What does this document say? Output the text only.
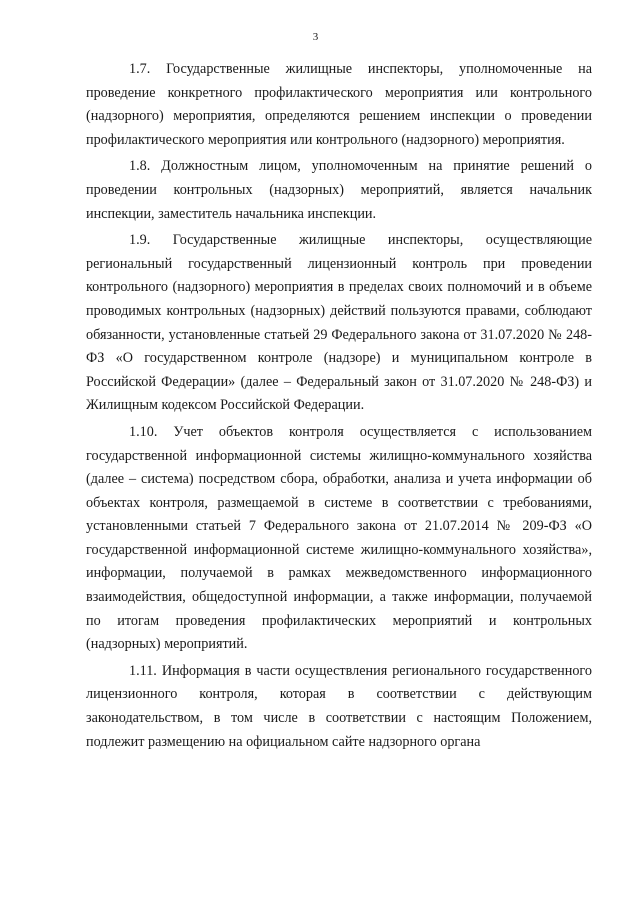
3

1.7. Государственные жилищные инспекторы, уполномоченные на проведение конкретного профилактического мероприятия или контрольного (надзорного) мероприятия, определяются решением инспекции о проведении профилактического мероприятия или контрольного (надзорного) мероприятия.

1.8. Должностным лицом, уполномоченным на принятие решений о проведении контрольных (надзорных) мероприятий, является начальник инспекции, заместитель начальника инспекции.

1.9. Государственные жилищные инспекторы, осуществляющие региональный государственный лицензионный контроль при проведении контрольного (надзорного) мероприятия в пределах своих полномочий и в объеме проводимых контрольных (надзорных) действий пользуются правами, соблюдают обязанности, установленные статьей 29 Федерального закона от 31.07.2020 № 248-ФЗ «О государственном контроле (надзоре) и муниципальном контроле в Российской Федерации» (далее – Федеральный закон от 31.07.2020 № 248-ФЗ) и Жилищным кодексом Российской Федерации.

1.10. Учет объектов контроля осуществляется с использованием государственной информационной системы жилищно-коммунального хозяйства (далее – система) посредством сбора, обработки, анализа и учета информации об объектах контроля, размещаемой в системе в соответствии с требованиями, установленными статьей 7 Федерального закона от 21.07.2014 № 209-ФЗ «О государственной информационной системе жилищно-коммунального хозяйства», информации, получаемой в рамках межведомственного информационного взаимодействия, общедоступной информации, а также информации, получаемой по итогам проведения профилактических мероприятий и контрольных (надзорных) мероприятий.

1.11. Информация в части осуществления регионального государственного лицензионного контроля, которая в соответствии с действующим законодательством, в том числе в соответствии с настоящим Положением, подлежит размещению на официальном сайте надзорного органа
